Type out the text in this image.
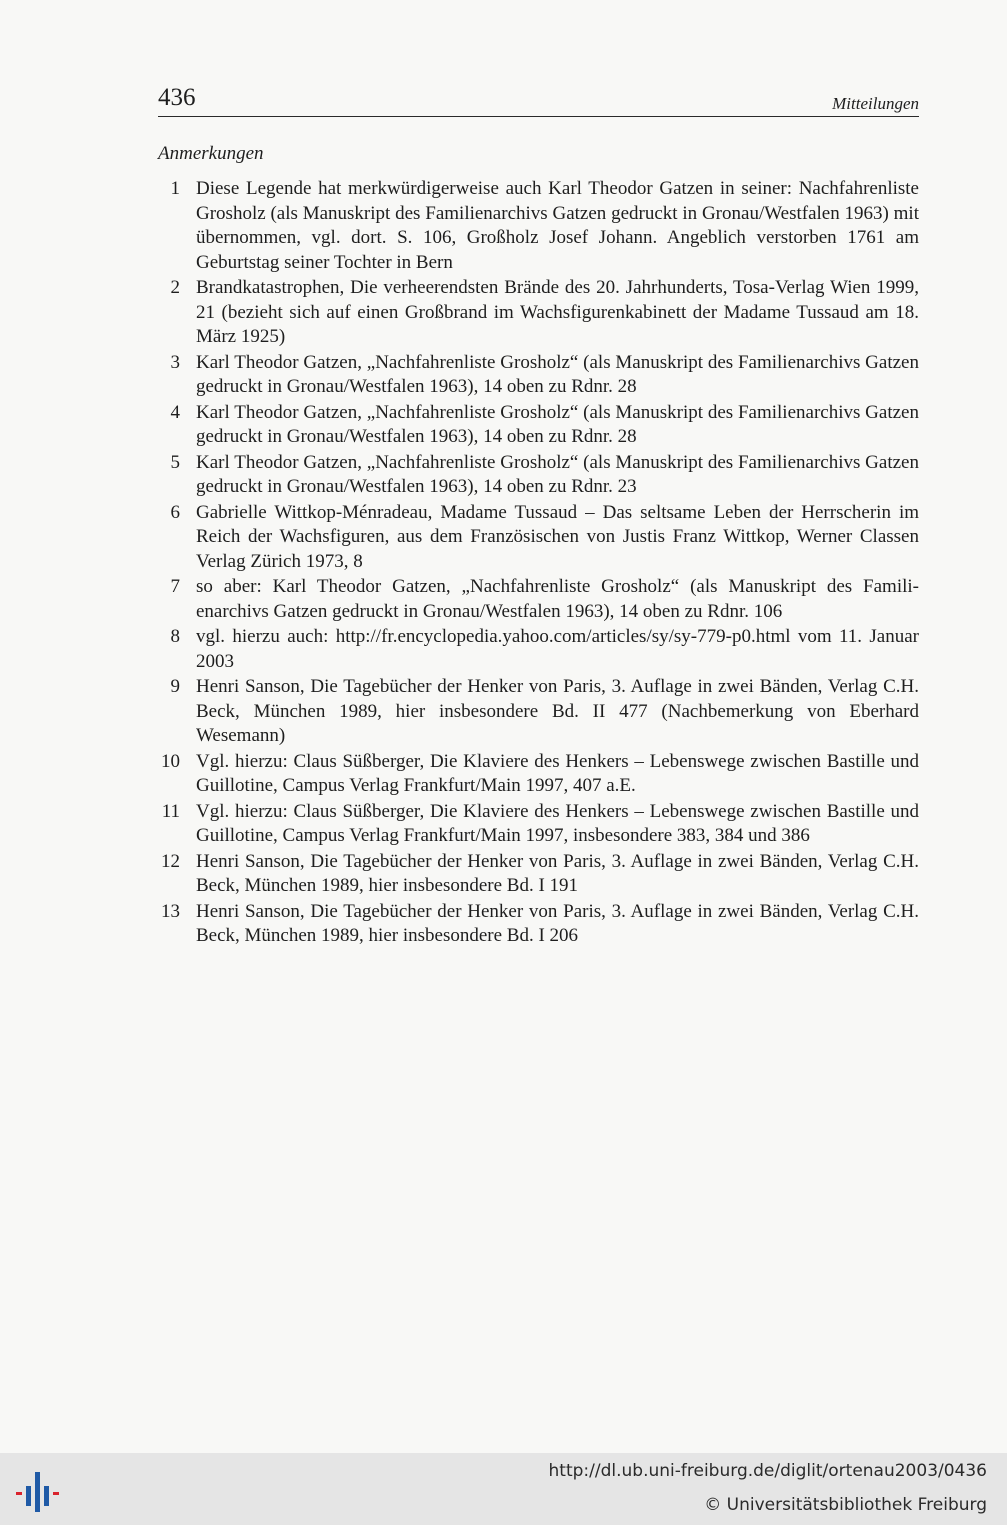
436	Mitteilungen
Anmerkungen
1 Diese Legende hat merkwürdigerweise auch Karl Theodor Gatzen in seiner: Nachfahrenliste Grosholz (als Manuskript des Familienarchivs Gatzen gedruckt in Gronau/Westfalen 1963) mit übernommen, vgl. dort. S. 106, Großholz Josef Johann. Angeblich verstorben 1761 am Geburtstag seiner Tochter in Bern
2 Brandkatastrophen, Die verheerendsten Brände des 20. Jahrhunderts, Tosa-Verlag Wien 1999, 21 (bezieht sich auf einen Großbrand im Wachsfigurenkabinett der Madame Tussaud am 18. März 1925)
3 Karl Theodor Gatzen, „Nachfahrenliste Grosholz“ (als Manuskript des Familienarchivs Gatzen gedruckt in Gronau/Westfalen 1963), 14 oben zu Rdnr. 28
4 Karl Theodor Gatzen, „Nachfahrenliste Grosholz“ (als Manuskript des Familienarchivs Gatzen gedruckt in Gronau/Westfalen 1963), 14 oben zu Rdnr. 28
5 Karl Theodor Gatzen, „Nachfahrenliste Grosholz“ (als Manuskript des Familienarchivs Gatzen gedruckt in Gronau/Westfalen 1963), 14 oben zu Rdnr. 23
6 Gabrielle Wittkop-Ménradeau, Madame Tussaud – Das seltsame Leben der Herrscherin im Reich der Wachsfiguren, aus dem Französischen von Justis Franz Wittkop, Werner Classen Verlag Zürich 1973, 8
7 so aber: Karl Theodor Gatzen, „Nachfahrenliste Grosholz“ (als Manuskript des Familienarchivs Gatzen gedruckt in Gronau/Westfalen 1963), 14 oben zu Rdnr. 106
8 vgl. hierzu auch: http://fr.encyclopedia.yahoo.com/articles/sy/sy-779-p0.html vom 11. Januar 2003
9 Henri Sanson, Die Tagebücher der Henker von Paris, 3. Auflage in zwei Bänden, Verlag C.H. Beck, München 1989, hier insbesondere Bd. II 477 (Nachbemerkung von Eberhard Wesemann)
10 Vgl. hierzu: Claus Süßberger, Die Klaviere des Henkers – Lebenswege zwischen Bastille und Guillotine, Campus Verlag Frankfurt/Main 1997, 407 a.E.
11 Vgl. hierzu: Claus Süßberger, Die Klaviere des Henkers – Lebenswege zwischen Bastille und Guillotine, Campus Verlag Frankfurt/Main 1997, insbesondere 383, 384 und 386
12 Henri Sanson, Die Tagebücher der Henker von Paris, 3. Auflage in zwei Bänden, Verlag C.H. Beck, München 1989, hier insbesondere Bd. I 191
13 Henri Sanson, Die Tagebücher der Henker von Paris, 3. Auflage in zwei Bänden, Verlag C.H. Beck, München 1989, hier insbesondere Bd. I 206
http://dl.ub.uni-freiburg.de/diglit/ortenau2003/0436
© Universitätsbibliothek Freiburg
